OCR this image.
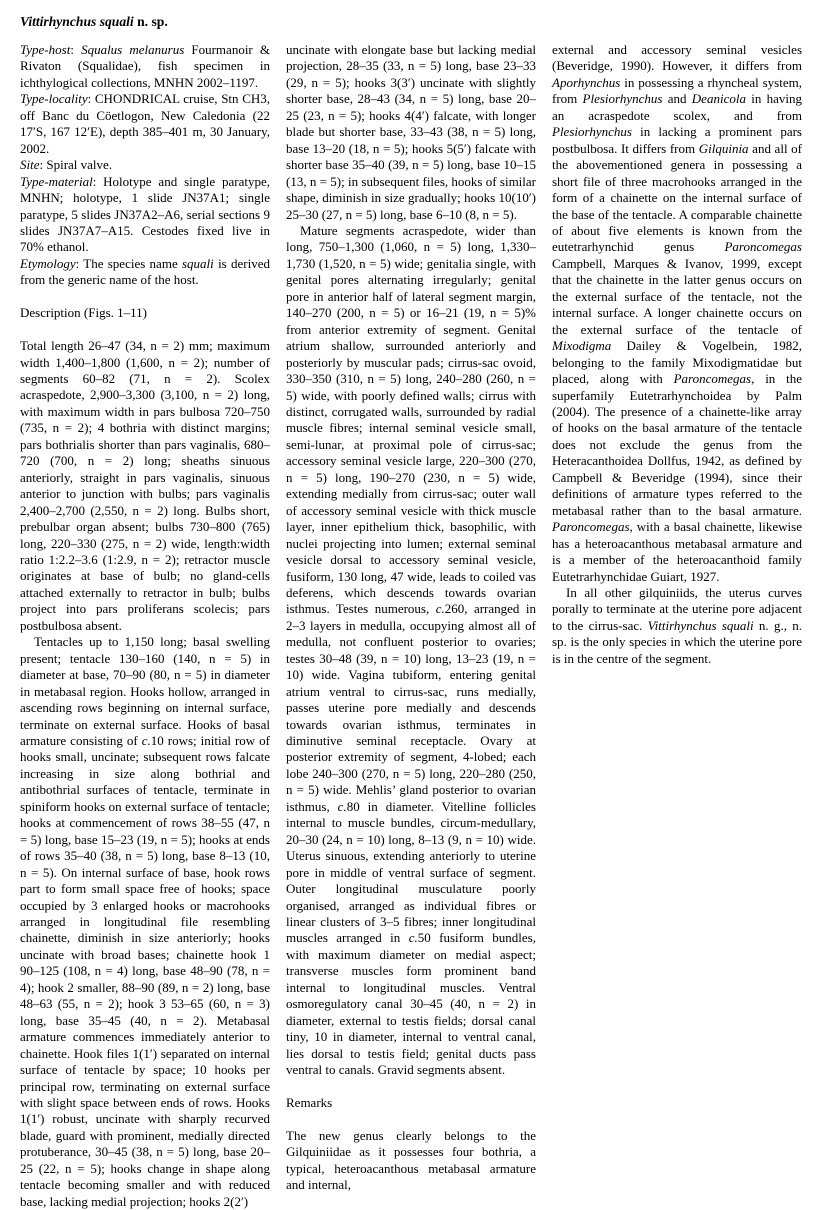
Vittirhynchus squali n. sp.

Type-host: Squalus melanurus Fourmanoir & Rivaton (Squalidae), fish specimen in ichthylogical collections, MNHN 2002–1197.

Type-locality: CHONDRICAL cruise, Stn CH3, off Banc du Cöetlogon, New Caledonia (22 17′S, 167 12′E), depth 385–401 m, 30 January, 2002.

Site: Spiral valve.

Type-material: Holotype and single paratype, MNHN; holotype, 1 slide JN37A1; single paratype, 5 slides JN37A2–A6, serial sections 9 slides JN37A7–A15. Cestodes fixed live in 70% ethanol.

Etymology: The species name squali is derived from the generic name of the host.

Description (Figs. 1–11)

Total length 26–47 (34, n = 2) mm; maximum width 1,400–1,800 (1,600, n = 2); number of segments 60–82 (71, n = 2). Scolex acraspedote, 2,900–3,300 (3,100, n = 2) long, with maximum width in pars bulbosa 720–750 (735, n = 2); 4 bothria with distinct margins; pars bothrialis shorter than pars vaginalis, 680–720 (700, n = 2) long; sheaths sinuous anteriorly, straight in pars vaginalis, sinuous anterior to junction with bulbs; pars vaginalis 2,400–2,700 (2,550, n = 2) long. Bulbs short, prebulbar organ absent; bulbs 730–800 (765) long, 220–330 (275, n = 2) wide, length:width ratio 1:2.2–3.6 (1:2.9, n = 2); retractor muscle originates at base of bulb; no gland-cells attached externally to retractor in bulb; bulbs project into pars proliferans scolecis; pars postbulbosa absent.

Tentacles up to 1,150 long; basal swelling present; tentacle 130–160 (140, n = 5) in diameter at base, 70–90 (80, n = 5) in diameter in metabasal region. Hooks hollow, arranged in ascending rows beginning on internal surface, terminate on external surface. Hooks of basal armature consisting of c.10 rows; initial row of hooks small, uncinate; subsequent rows falcate increasing in size along bothrial and antibothrial surfaces of tentacle, terminate in spiniform hooks on external surface of tentacle; hooks at commencement of rows 38–55 (47, n = 5) long, base 15–23 (19, n = 5); hooks at ends of rows 35–40 (38, n = 5) long, base 8–13 (10, n = 5). On internal surface of base, hook rows part to form small space free of hooks; space occupied by 3 enlarged hooks or macrohooks arranged in longitudinal file resembling chainette, diminish in size anteriorly; hooks uncinate with broad bases; chainette hook 1 90–125 (108, n = 4) long, base 48–90 (78, n = 4); hook 2 smaller, 88–90 (89, n = 2) long, base 48–63 (55, n = 2); hook 3 53–65 (60, n = 3) long, base 35–45 (40, n = 2). Metabasal armature commences immediately anterior to chainette. Hook files 1(1′) separated on internal surface of tentacle by space; 10 hooks per principal row, terminating on external surface with slight space between ends of rows. Hooks 1(1′) robust, uncinate with sharply recurved blade, guard with prominent, medially directed protuberance, 30–45 (38, n = 5) long, base 20–25 (22, n = 5); hooks change in shape along tentacle becoming smaller and with reduced base, lacking medial projection; hooks 2(2′)

uncinate with elongate base but lacking medial projection, 28–35 (33, n = 5) long, base 23–33 (29, n = 5); hooks 3(3′) uncinate with slightly shorter base, 28–43 (34, n = 5) long, base 20–25 (23, n = 5); hooks 4(4′) falcate, with longer blade but shorter base, 33–43 (38, n = 5) long, base 13–20 (18, n = 5); hooks 5(5′) falcate with shorter base 35–40 (39, n = 5) long, base 10–15 (13, n = 5); in subsequent files, hooks of similar shape, diminish in size gradually; hooks 10(10′) 25–30 (27, n = 5) long, base 6–10 (8, n = 5).

Mature segments acraspedote, wider than long, 750–1,300 (1,060, n = 5) long, 1,330–1,730 (1,520, n = 5) wide; genitalia single, with genital pores alternating irregularly; genital pore in anterior half of lateral segment margin, 140–270 (200, n = 5) or 16–21 (19, n = 5)% from anterior extremity of segment. Genital atrium shallow, surrounded anteriorly and posteriorly by muscular pads; cirrus-sac ovoid, 330–350 (310, n = 5) long, 240–280 (260, n = 5) wide, with poorly defined walls; cirrus with distinct, corrugated walls, surrounded by radial muscle fibres; internal seminal vesicle small, semi-lunar, at proximal pole of cirrus-sac; accessory seminal vesicle large, 220–300 (270, n = 5) long, 190–270 (230, n = 5) wide, extending medially from cirrus-sac; outer wall of accessory seminal vesicle with thick muscle layer, inner epithelium thick, basophilic, with nuclei projecting into lumen; external seminal vesicle dorsal to accessory seminal vesicle, fusiform, 130 long, 47 wide, leads to coiled vas deferens, which descends towards ovarian isthmus. Testes numerous, c.260, arranged in 2–3 layers in medulla, occupying almost all of medulla, not confluent posterior to ovaries; testes 30–48 (39, n = 10) long, 13–23 (19, n = 10) wide. Vagina tubiform, entering genital atrium ventral to cirrus-sac, runs medially, passes uterine pore medially and descends towards ovarian isthmus, terminates in diminutive seminal receptacle. Ovary at posterior extremity of segment, 4-lobed; each lobe 240–300 (270, n = 5) long, 220–280 (250, n = 5) wide. Mehlis’ gland posterior to ovarian isthmus, c.80 in diameter. Vitelline follicles internal to muscle bundles, circum-medullary, 20–30 (24, n = 10) long, 8–13 (9, n = 10) wide. Uterus sinuous, extending anteriorly to uterine pore in middle of ventral surface of segment. Outer longitudinal musculature poorly organised, arranged as individual fibres or linear clusters of 3–5 fibres; inner longitudinal muscles arranged in c.50 fusiform bundles, with maximum diameter on medial aspect; transverse muscles form prominent band internal to longitudinal muscles. Ventral osmoregulatory canal 30–45 (40, n = 2) in diameter, external to testis fields; dorsal canal tiny, 10 in diameter, internal to ventral canal, lies dorsal to testis field; genital ducts pass ventral to canals. Gravid segments absent.

Remarks

The new genus clearly belongs to the Gilquiniidae as it possesses four bothria, a typical, heteroacanthous metabasal armature and internal,

external and accessory seminal vesicles (Beveridge, 1990). However, it differs from Aporhynchus in possessing a rhyncheal system, from Plesiorhynchus and Deanicola in having an acraspedote scolex, and from Plesiorhynchus in lacking a prominent pars postbulbosa. It differs from Gilquinia and all of the abovementioned genera in possessing a short file of three macrohooks arranged in the form of a chainette on the internal surface of the base of the tentacle. A comparable chainette of about five elements is known from the eutetrarhynchid genus Paroncomegas Campbell, Marques & Ivanov, 1999, except that the chainette in the latter genus occurs on the external surface of the tentacle, not the internal surface. A longer chainette occurs on the external surface of the tentacle of Mixodigma Dailey & Vogelbein, 1982, belonging to the family Mixodigmatidae but placed, along with Paroncomegas, in the superfamily Eutetrarhynchoidea by Palm (2004). The presence of a chainette-like array of hooks on the basal armature of the tentacle does not exclude the genus from the Heteracanthoidea Dollfus, 1942, as defined by Campbell & Beveridge (1994), since their definitions of armature types referred to the metabasal rather than to the basal armature. Paroncomegas, with a basal chainette, likewise has a heteroacanthous metabasal armature and is a member of the heteroacanthoid family Eutetrarhynchidae Guiart, 1927.

In all other gilquiniids, the uterus curves porally to terminate at the uterine pore adjacent to the cirrus-sac. Vittirhynchus squali n. g., n. sp. is the only species in which the uterine pore is in the centre of the segment.
